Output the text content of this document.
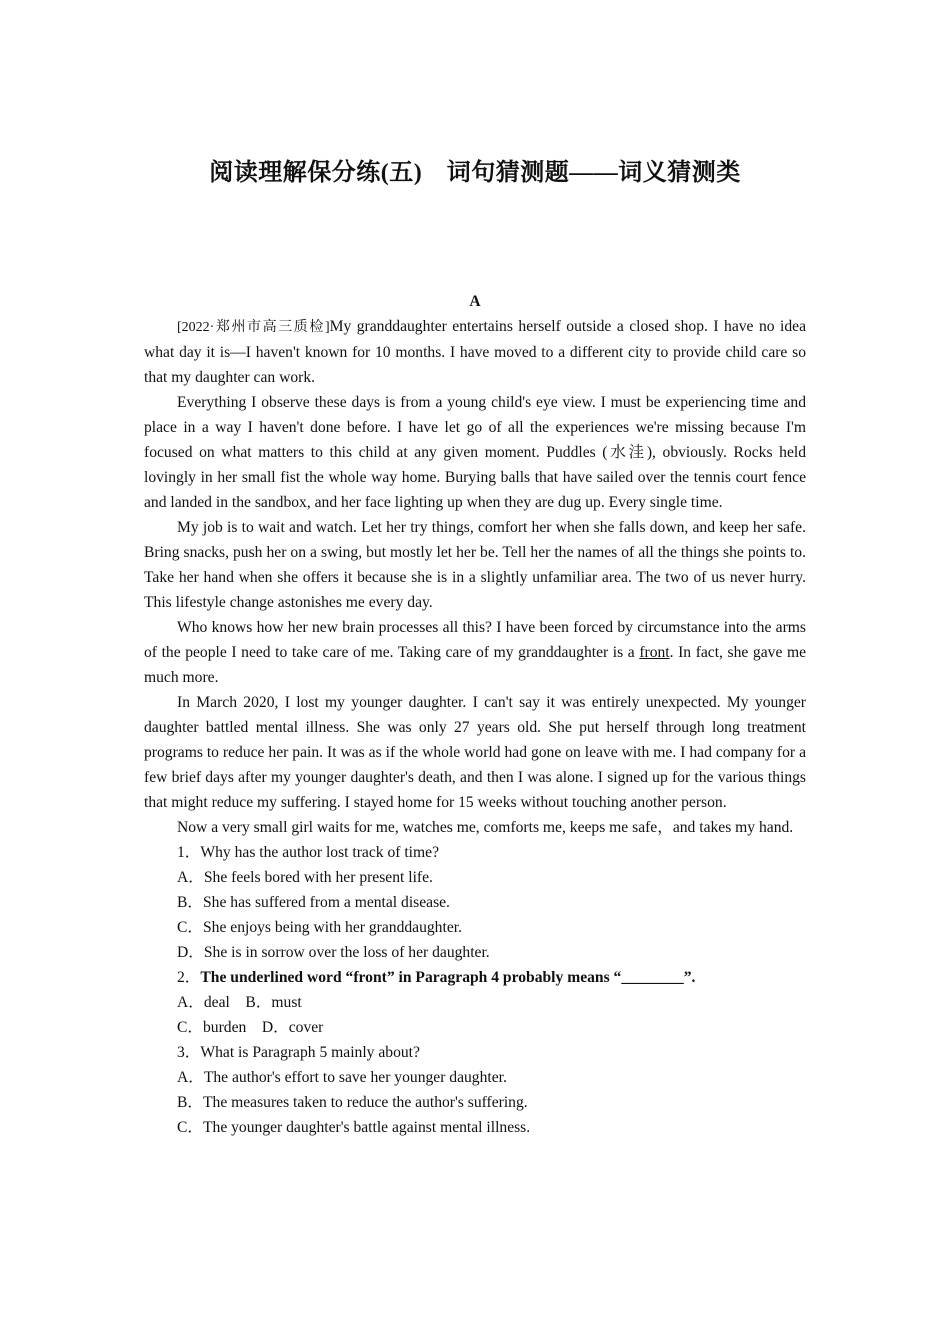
阅读理解保分练(五)　词句猜测题——词义猜测类

A

[2022·郑州市高三质检]My granddaughter entertains herself outside a closed shop. I have no idea what day it is—I haven't known for 10 months. I have moved to a different city to provide child care so that my daughter can work.

Everything I observe these days is from a young child's eye view. I must be experiencing time and place in a way I haven't done before. I have let go of all the experiences we're missing because I'm focused on what matters to this child at any given moment. Puddles (水洼), obviously. Rocks held lovingly in her small fist the whole way home. Burying balls that have sailed over the tennis court fence and landed in the sandbox, and her face lighting up when they are dug up. Every single time.

My job is to wait and watch. Let her try things, comfort her when she falls down, and keep her safe. Bring snacks, push her on a swing, but mostly let her be. Tell her the names of all the things she points to. Take her hand when she offers it because she is in a slightly unfamiliar area. The two of us never hurry. This lifestyle change astonishes me every day.

Who knows how her new brain processes all this? I have been forced by circumstance into the arms of the people I need to take care of me. Taking care of my granddaughter is a front. In fact, she gave me much more.

In March 2020, I lost my younger daughter. I can't say it was entirely unexpected. My younger daughter battled mental illness. She was only 27 years old. She put herself through long treatment programs to reduce her pain. It was as if the whole world had gone on leave with me. I had company for a few brief days after my younger daughter's death, and then I was alone. I signed up for the various things that might reduce my suffering. I stayed home for 15 weeks without touching another person.

Now a very small girl waits for me, watches me, comforts me, keeps me safe，and takes my hand.

1．Why has the author lost track of time?

A．She feels bored with her present life.

B．She has suffered from a mental disease.

C．She enjoys being with her granddaughter.

D．She is in sorrow over the loss of her daughter.

2．The underlined word “front” in Paragraph 4 probably means “________”.

A．deal　B．must

C．burden　D．cover

3．What is Paragraph 5 mainly about?

A．The author's effort to save her younger daughter.

B．The measures taken to reduce the author's suffering.

C．The younger daughter's battle against mental illness.
